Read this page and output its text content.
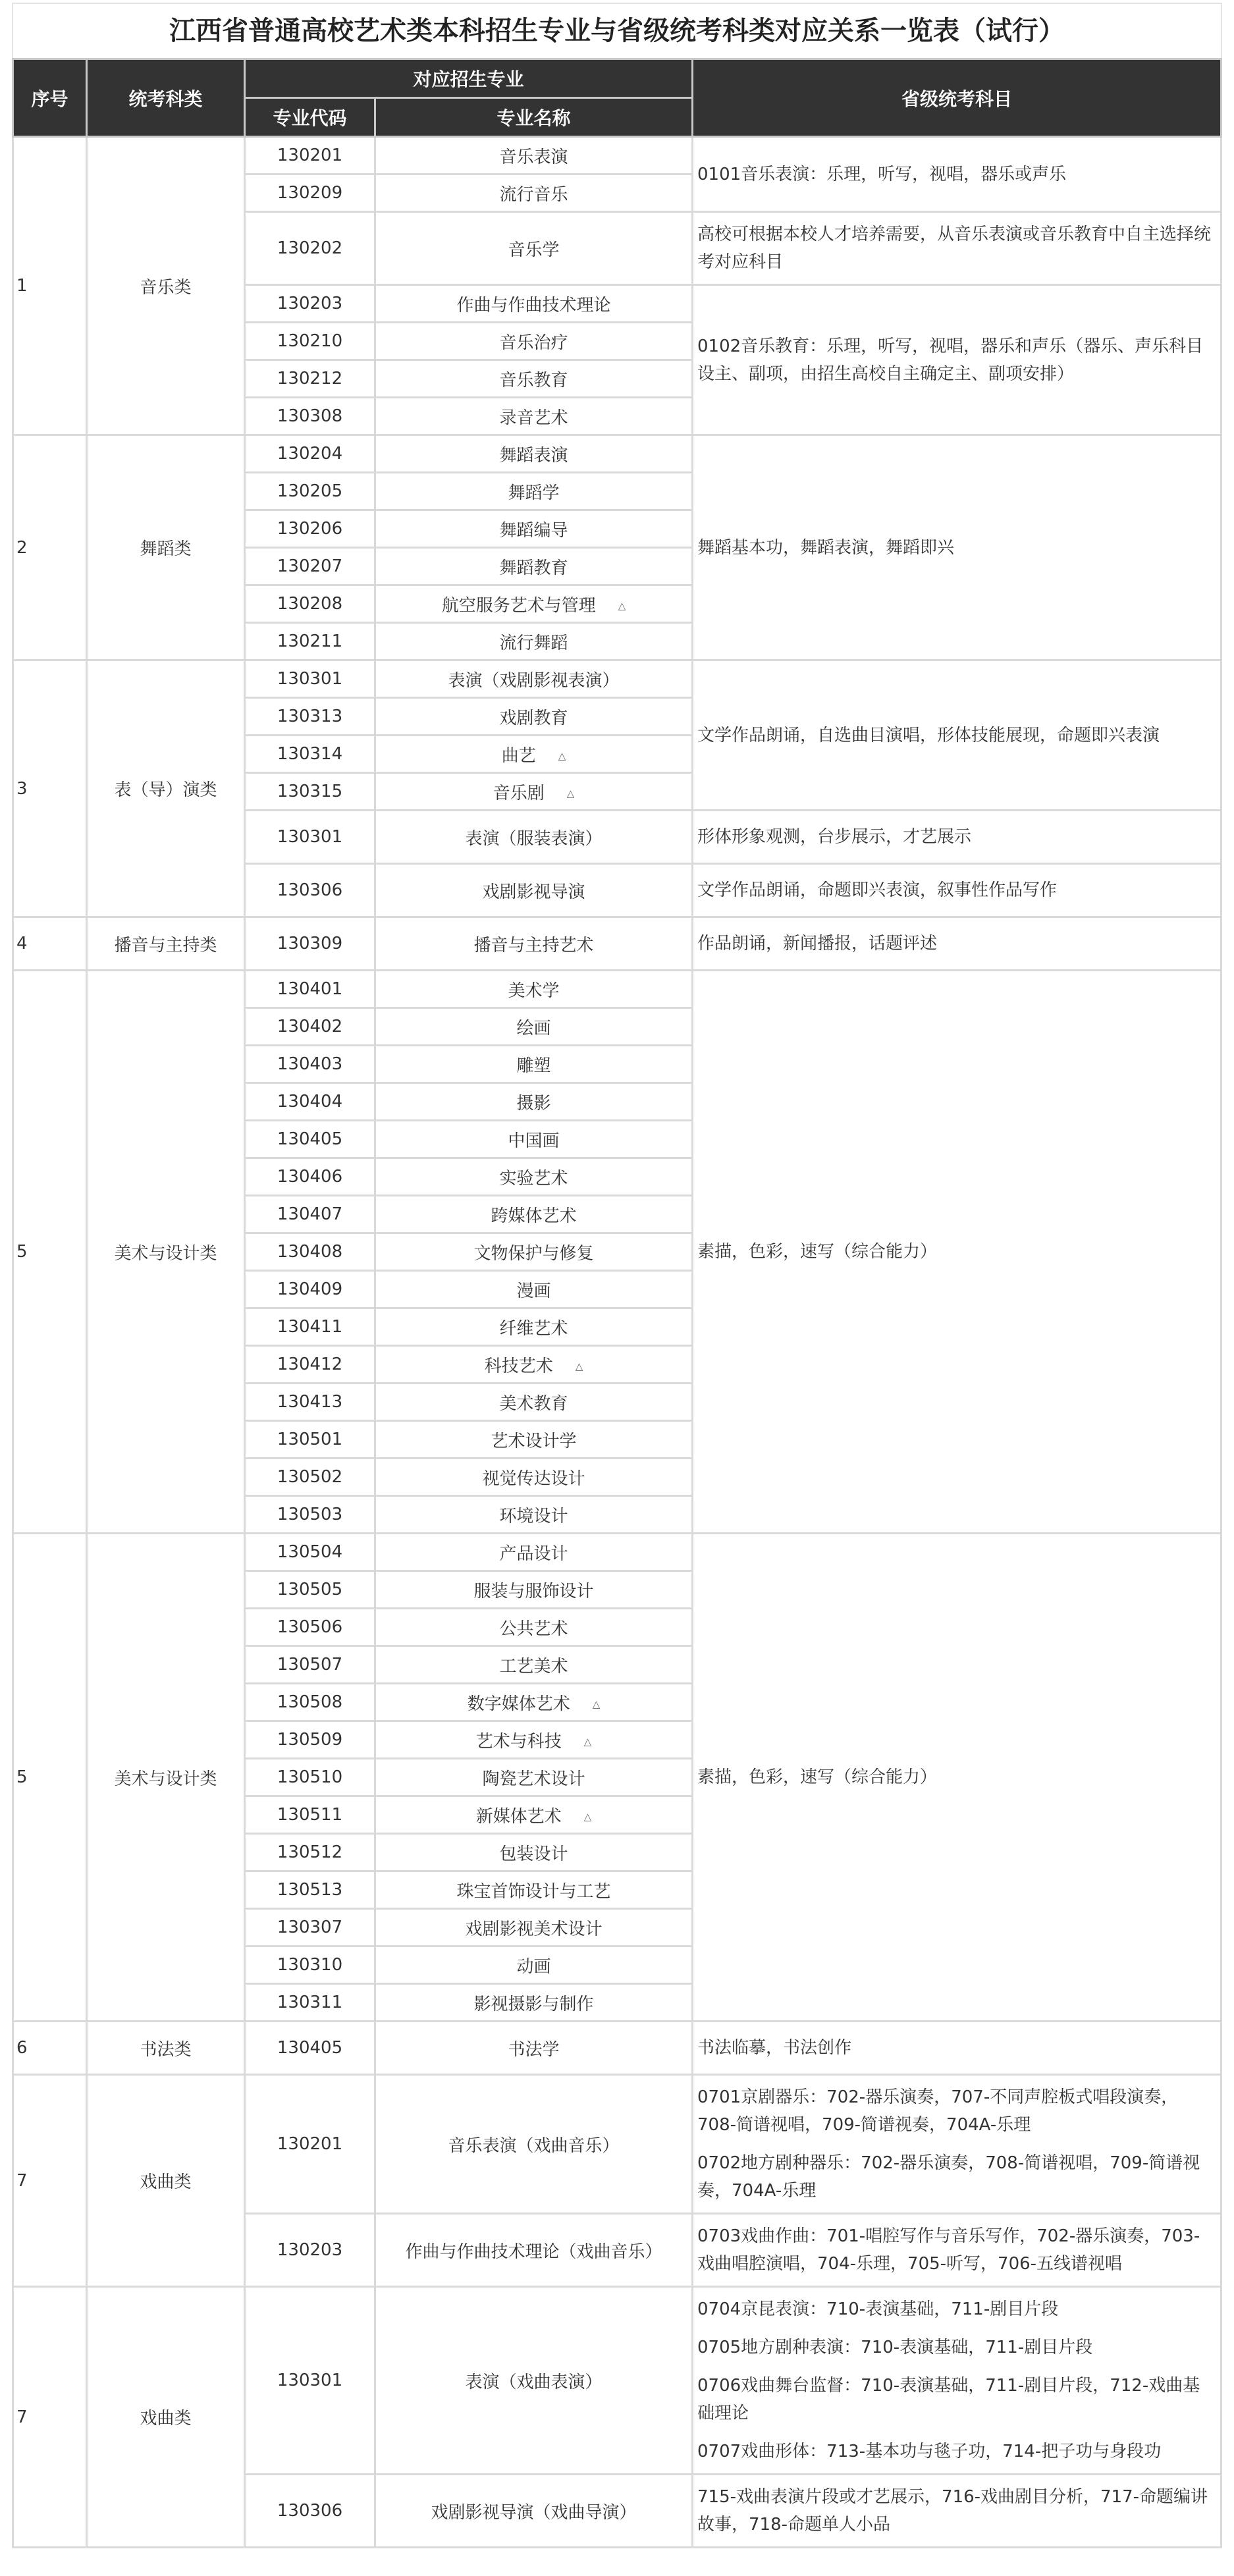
江西省普通高校艺术类本科招生专业与省级统考科类对应关系一览表（试行）
序号	统考科类	对应招生专业		省级统考科目
		专业代码	专业名称	
1	音乐类	130201	音乐表演	0101音乐表演：乐理，听写，视唱，器乐或声乐

		130209	流行音乐	
		130202	音乐学	高校可根据本校人才培养需要，从音乐表演或音乐教育中自主选择统考对应科目

		130203	作曲与作曲技术理论	0102音乐教育：乐理，听写，视唱，器乐和声乐（器乐、声乐科目设主、副项，由招生高校自主确定主、副项安排）

		130210	音乐治疗	
		130212	音乐教育	
		130308	录音艺术	
2	舞蹈类	130204	舞蹈表演	舞蹈基本功，舞蹈表演，舞蹈即兴

		130205	舞蹈学	
		130206	舞蹈编导	
		130207	舞蹈教育	
		130208	航空服务艺术与管理 △	
		130211	流行舞蹈	
3	表（导）演类	130301	表演（戏剧影视表演）	文学作品朗诵，自选曲目演唱，形体技能展现，命题即兴表演

		130313	戏剧教育	
		130314	曲艺 △	
		130315	音乐剧 △	
		130301	表演（服装表演）	形体形象观测，台步展示，才艺展示

		130306	戏剧影视导演	文学作品朗诵，命题即兴表演，叙事性作品写作

4	播音与主持类	130309	播音与主持艺术	作品朗诵，新闻播报，话题评述

5	美术与设计类	130401	美术学	素描，色彩，速写（综合能力）

		130402	绘画	
		130403	雕塑	
		130404	摄影	
		130405	中国画	
		130406	实验艺术	
		130407	跨媒体艺术	
		130408	文物保护与修复	
		130409	漫画	
		130411	纤维艺术	
		130412	科技艺术 △	
		130413	美术教育	
		130501	艺术设计学	
		130502	视觉传达设计	
		130503	环境设计	
5	美术与设计类	130504	产品设计	素描，色彩，速写（综合能力）

		130505	服装与服饰设计	
		130506	公共艺术	
		130507	工艺美术	
		130508	数字媒体艺术 △	
		130509	艺术与科技 △	
		130510	陶瓷艺术设计	
		130511	新媒体艺术 △	
		130512	包装设计	
		130513	珠宝首饰设计与工艺	
		130307	戏剧影视美术设计	
		130310	动画	
		130311	影视摄影与制作	
6	书法类	130405	书法学	书法临摹，书法创作

7	戏曲类	130201	音乐表演（戏曲音乐）	0701京剧器乐：702-器乐演奏，707-不同声腔板式唱段演奏，708-简谱视唱，709-简谱视奏，704A-乐理

0702地方剧种器乐：702-器乐演奏，708-简谱视唱，709-简谱视奏，704A-乐理

		130203	作曲与作曲技术理论（戏曲音乐）	0703戏曲作曲：701-唱腔写作与音乐写作，702-器乐演奏，703-戏曲唱腔演唱，704-乐理，705-听写，706-五线谱视唱

7	戏曲类	130301	表演（戏曲表演）	0704京昆表演：710-表演基础，711-剧目片段

0705地方剧种表演：710-表演基础，711-剧目片段

0706戏曲舞台监督：710-表演基础，711-剧目片段，712-戏曲基础理论

0707戏曲形体：713-基本功与毯子功，714-把子功与身段功

		130306	戏剧影视导演（戏曲导演）	715-戏曲表演片段或才艺展示，716-戏曲剧目分析，717-命题编讲故事，718-命题单人小品
